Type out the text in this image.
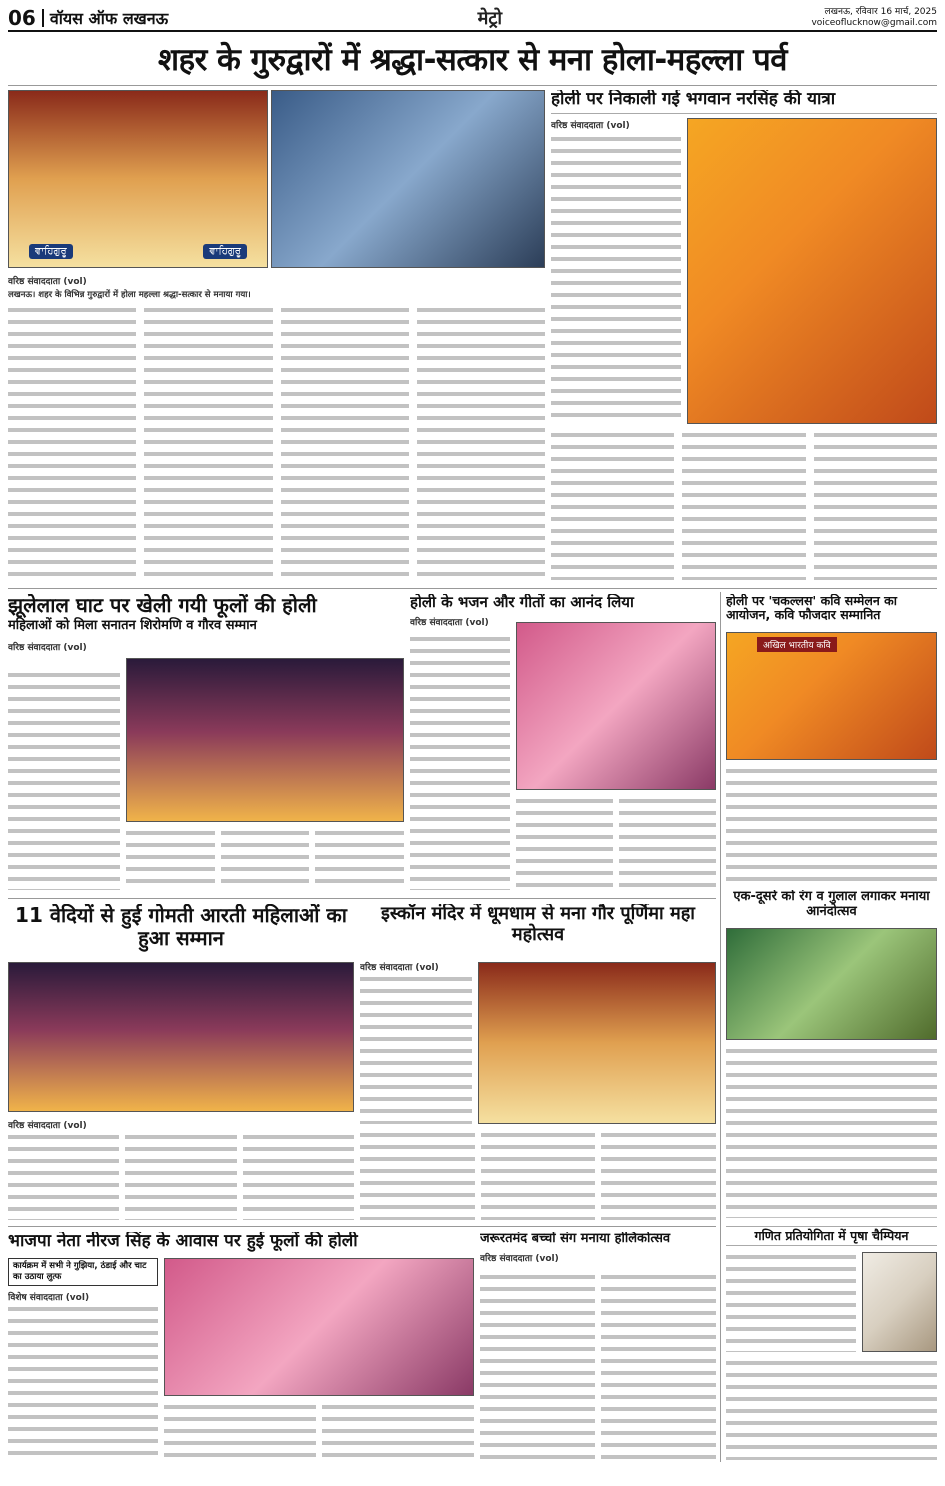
06 वॉयस ऑफ लखनऊ	मेट्रो	लखनऊ, रविवार 16 मार्च, 2025
voiceoflucknow@gmail.com
शहर के गुरुद्वारों में श्रद्धा-सत्कार से मना होला-महल्ला पर्व
ਵਾਹਿਗੁਰੂ	ਵਾਹਿਗੁਰੂ
वरिष्ठ संवाददाता (vol)
लखनऊ। शहर के विभिन्न गुरुद्वारों में होला महल्ला श्रद्धा-सत्कार से मनाया गया।
होली पर निकाली गई भगवान नरसिंह की यात्रा
वरिष्ठ संवाददाता (vol)
झूलेलाल घाट पर खेली गयी फूलों की होली
महिलाओं को मिला सनातन शिरोमणि व गौरव सम्मान
वरिष्ठ संवाददाता (vol)
होली के भजन और गीतों का आनंद लिया
वरिष्ठ संवाददाता (vol)
होली पर 'चकल्लस' कवि सम्मेलन का आयोजन, कवि फौजदार सम्मानित
अखिल भारतीय कवि
एक-दूसरे को रंग व गुलाल लगाकर मनाया आनंदोत्सव
गणित प्रतियोगिता में पृषा चैम्पियन
11 वेदियों से हुई गोमती आरती महिलाओं का हुआ सम्मान
वरिष्ठ संवाददाता (vol)
इस्कॉन मंदिर में धूमधाम से मना गौर पूर्णिमा महा महोत्सव
वरिष्ठ संवाददाता (vol)
भाजपा नेता नीरज सिंह के आवास पर हुई फूलों की होली
कार्यक्रम में सभी ने गुझिया, ठंडाई और चाट का उठाया लुत्फ
विशेष संवाददाता (vol)
जरूरतमंद बच्चों संग मनाया होलिकोत्सव
वरिष्ठ संवाददाता (vol)
